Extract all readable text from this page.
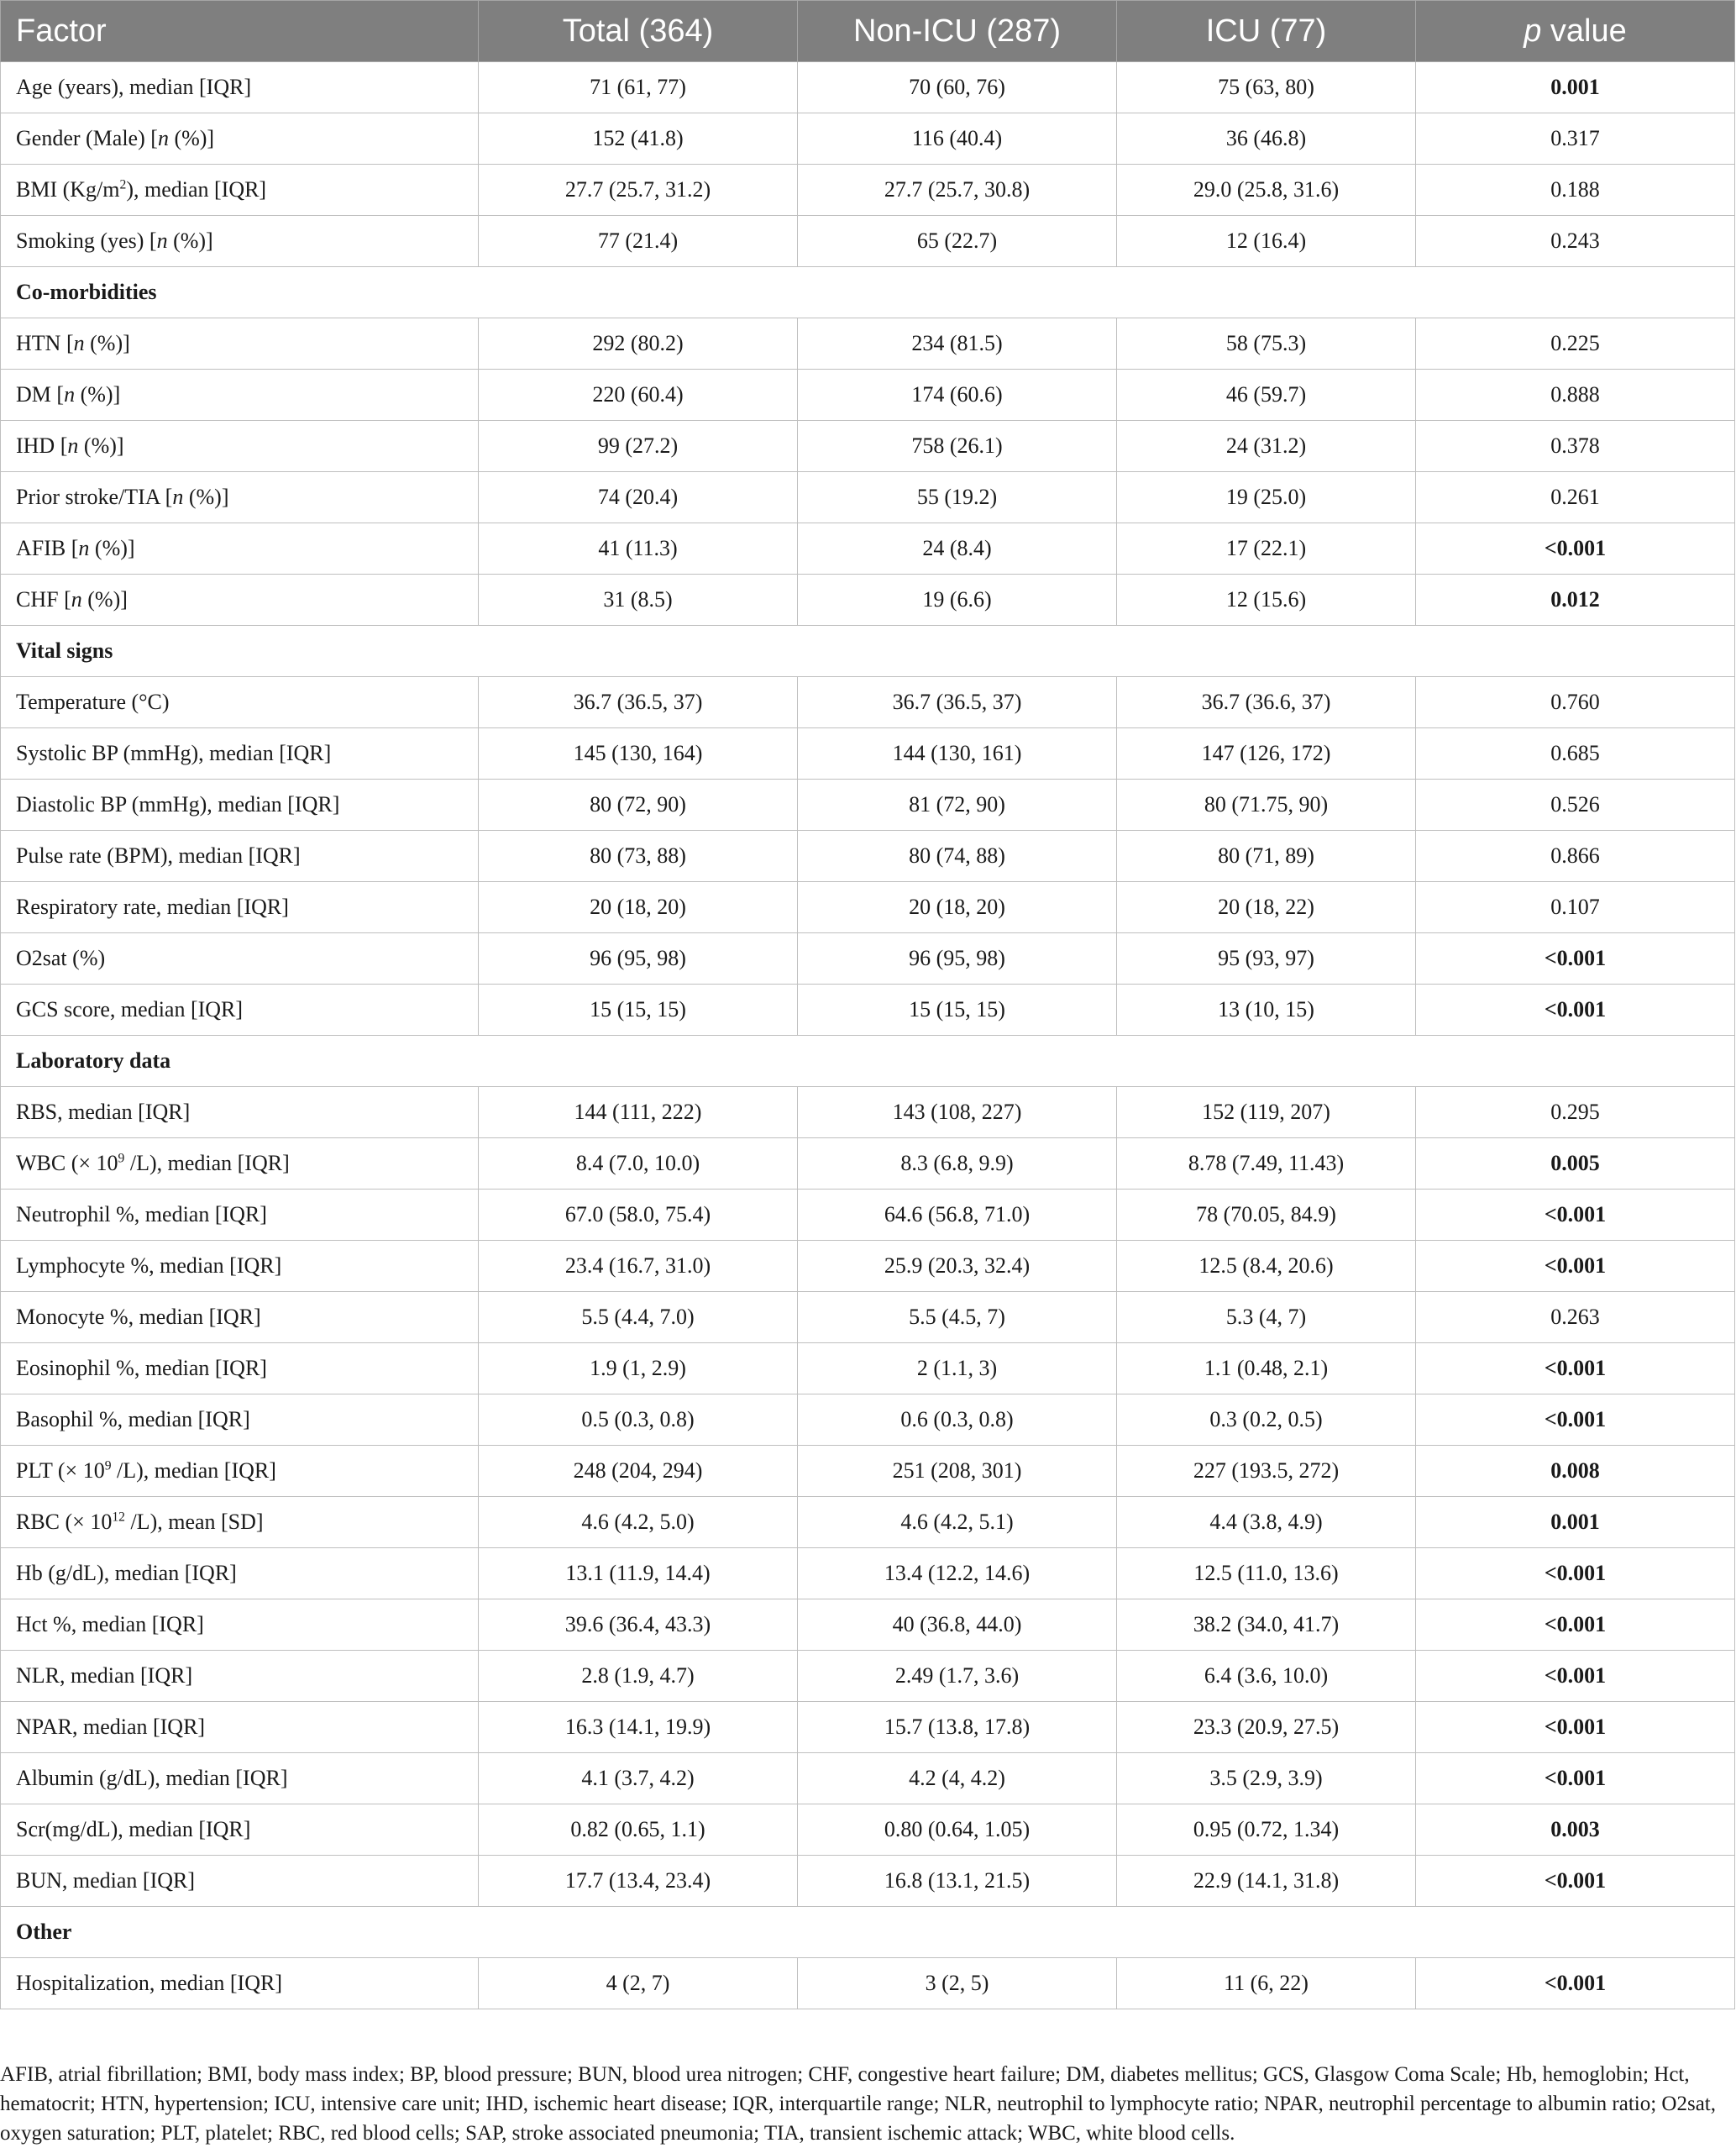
Factor	Total (364)	Non-ICU (287)	ICU (77)	p value
Age (years), median [IQR]	71 (61, 77)	70 (60, 76)	75 (63, 80)	0.001
Gender (Male) [n (%)]	152 (41.8)	116 (40.4)	36 (46.8)	0.317
BMI $(Kg/m^2)$, median [IQR]	27.7 (25.7, 31.2)	27.7 (25.7, 30.8)	29.0 (25.8, 31.6)	0.188
Smoking (yes) [n (%)]	77 (21.4)	65 (22.7)	12 (16.4)	0.243
Co-morbidities				
HTN [n (%)]	292 (80.2)	234 (81.5)	58 (75.3)	0.225
DM [n (%)]	220 (60.4)	174 (60.6)	46 (59.7)	0.888
IHD [n (%)]	99 (27.2)	758 (26.1)	24 (31.2)	0.378
Prior stroke/TIA [n (%)]	74 (20.4)	55 (19.2)	19 (25.0)	0.261
AFIB [n (%)]	41 (11.3)	24 (8.4)	17 (22.1)	<0.001
CHF [n (%)]	31 (8.5)	19 (6.6)	12 (15.6)	0.012
Vital signs				
Temperature (°C)	36.7 (36.5, 37)	36.7 (36.5, 37)	36.7 (36.6, 37)	0.760
Systolic BP (mmHg), median [IQR]	145 (130, 164)	144 (130, 161)	147 (126, 172)	0.685
Diastolic BP (mmHg), median [IQR]	80 (72, 90)	81 (72, 90)	80 (71.75, 90)	0.526
Pulse rate (BPM), median [IQR]	80 (73, 88)	80 (74, 88)	80 (71, 89)	0.866
Respiratory rate, median [IQR]	20 (18, 20)	20 (18, 20)	20 (18, 22)	0.107
O2sat (%)	96 (95, 98)	96 (95, 98)	95 (93, 97)	<0.001
GCS score, median [IQR]	15 (15, 15)	15 (15, 15)	13 (10, 15)	<0.001
Laboratory data				
RBS, median [IQR]	144 (111, 222)	143 (108, 227)	152 (119, 207)	0.295
WBC (× $10^9$ /L), median [IQR]	8.4 (7.0, 10.0)	8.3 (6.8, 9.9)	8.78 (7.49, 11.43)	0.005
Neutrophil %, median [IQR]	67.0 (58.0, 75.4)	64.6 (56.8, 71.0)	78 (70.05, 84.9)	<0.001
Lymphocyte %, median [IQR]	23.4 (16.7, 31.0)	25.9 (20.3, 32.4)	12.5 (8.4, 20.6)	<0.001
Monocyte %, median [IQR]	5.5 (4.4, 7.0)	5.5 (4.5, 7)	5.3 (4, 7)	0.263
Eosinophil %, median [IQR]	1.9 (1, 2.9)	2 (1.1, 3)	1.1 (0.48, 2.1)	<0.001
Basophil %, median [IQR]	0.5 (0.3, 0.8)	0.6 (0.3, 0.8)	0.3 (0.2, 0.5)	<0.001
PLT (× $10^9$ /L), median [IQR]	248 (204, 294)	251 (208, 301)	227 (193.5, 272)	0.008
RBC (× $10^{12}$ /L), mean [SD]	4.6 (4.2, 5.0)	4.6 (4.2, 5.1)	4.4 (3.8, 4.9)	0.001
Hb (g/dL), median [IQR]	13.1 (11.9, 14.4)	13.4 (12.2, 14.6)	12.5 (11.0, 13.6)	<0.001
Hct %, median [IQR]	39.6 (36.4, 43.3)	40 (36.8, 44.0)	38.2 (34.0, 41.7)	<0.001
NLR, median [IQR]	2.8 (1.9, 4.7)	2.49 (1.7, 3.6)	6.4 (3.6, 10.0)	<0.001
NPAR, median [IQR]	16.3 (14.1, 19.9)	15.7 (13.8, 17.8)	23.3 (20.9, 27.5)	<0.001
Albumin (g/dL), median [IQR]	4.1 (3.7, 4.2)	4.2 (4, 4.2)	3.5 (2.9, 3.9)	<0.001
Scr(mg/dL), median [IQR]	0.82 (0.65, 1.1)	0.80 (0.64, 1.05)	0.95 (0.72, 1.34)	0.003
BUN, median [IQR]	17.7 (13.4, 23.4)	16.8 (13.1, 21.5)	22.9 (14.1, 31.8)	<0.001
Other				
Hospitalization, median [IQR]	4 (2, 7)	3 (2, 5)	11 (6, 22)	<0.001

AFIB, atrial fibrillation; BMI, body mass index; BP, blood pressure; BUN, blood urea nitrogen; CHF, congestive heart failure; DM, diabetes mellitus; GCS, Glasgow Coma Scale; Hb, hemoglobin; Hct, hematocrit; HTN, hypertension; ICU, intensive care unit; IHD, ischemic heart disease; IQR, interquartile range; NLR, neutrophil to lymphocyte ratio; NPAR, neutrophil percentage to albumin ratio; O2sat, oxygen saturation; PLT, platelet; RBC, red blood cells; SAP, stroke associated pneumonia; TIA, transient ischemic attack; WBC, white blood cells.
